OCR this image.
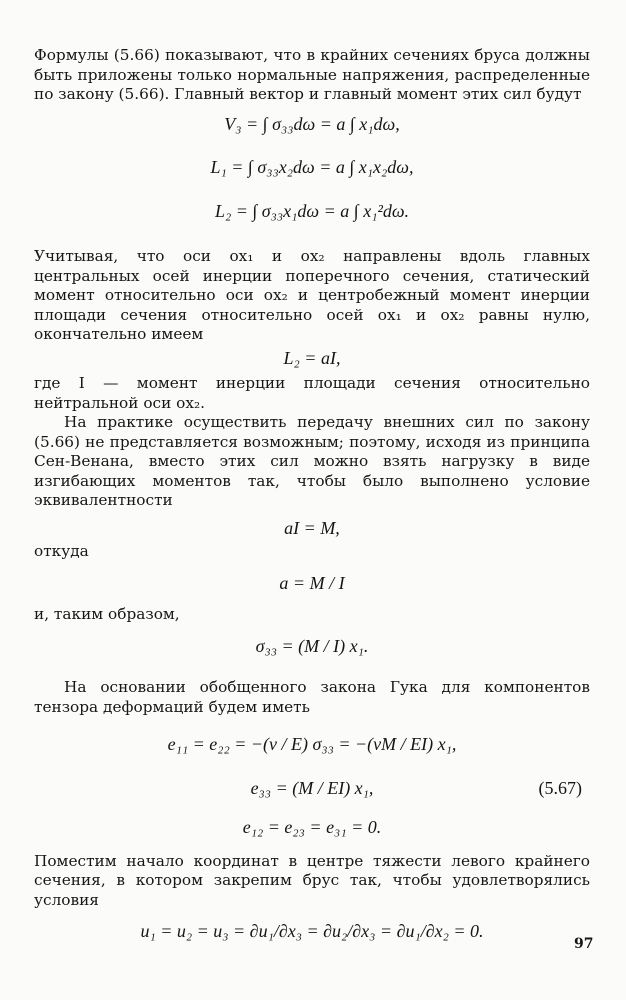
Формулы (5.66) показывают, что в крайних сечениях бруса должны быть приложены только нормальные напряжения, распределенные по закону (5.66). Главный вектор и главный момент этих сил будут

V₃ = ∫ σ₃₃dω = a ∫ x₁dω,
L₁ = ∫ σ₃₃x₂dω = a ∫ x₁x₂dω,
L₂ = ∫ σ₃₃x₁dω = a ∫ x₁²dω.

Учитывая, что оси ox₁ и ox₂ направлены вдоль главных центральных осей инерции поперечного сечения, статический момент относительно оси ox₂ и центробежный момент инерции площади сечения относительно осей ox₁ и ox₂ равны нулю, окончательно имеем

L₂ = aI,

где I — момент инерции площади сечения относительно нейтральной оси ox₂.

На практике осуществить передачу внешних сил по закону (5.66) не представляется возможным; поэтому, исходя из принципа Сен-Венана, вместо этих сил можно взять нагрузку в виде изгибающих моментов так, чтобы было выполнено условие эквивалентности

aI = M,

откуда

a = M / I

и, таким образом,

σ₃₃ = (M / I) x₁.

На основании обобщенного закона Гука для компонентов тензора деформаций будем иметь

e₁₁ = e₂₂ = −(ν / E) σ₃₃ = −(νM / EI) x₁,
e₃₃ = (M / EI) x₁,	(5.67)
e₁₂ = e₂₃ = e₃₁ = 0.

Поместим начало координат в центре тяжести левого крайнего сечения, в котором закрепим брус так, чтобы удовлетворялись условия

u₁ = u₂ = u₃ = ∂u₁/∂x₃ = ∂u₂/∂x₃ = ∂u₁/∂x₂ = 0.
97
